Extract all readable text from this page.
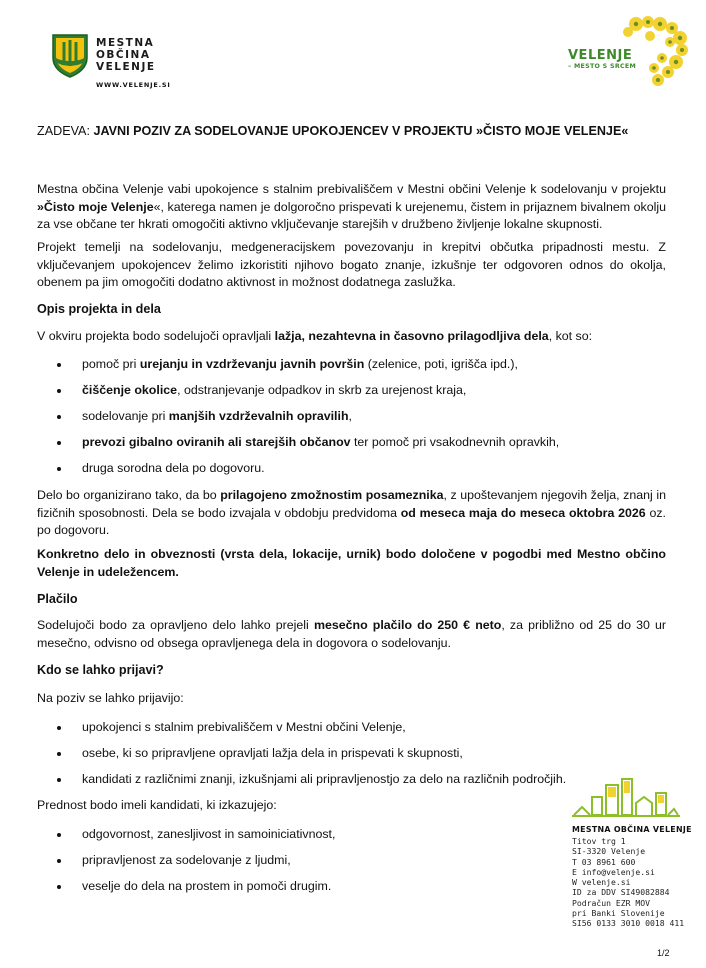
MESTNA
OBČINA
VELENJE
WWW.VELENJE.SI
VELENJE
– MESTO S SRCEM
ZADEVA: JAVNI POZIV ZA SODELOVANJE UPOKOJENCEV V PROJEKTU »ČISTO MOJE VELENJE«

Mestna občina Velenje vabi upokojence s stalnim prebivališčem v Mestni občini Velenje k sodelovanju v projektu »Čisto moje Velenje«, katerega namen je dolgoročno prispevati k urejenemu, čistem in prijaznem bivalnem okolju za vse občane ter hkrati omogočiti aktivno vključevanje starejših v družbeno življenje lokalne skupnosti.

Projekt temelji na sodelovanju, medgeneracijskem povezovanju in krepitvi občutka pripadnosti mestu. Z vključevanjem upokojencev želimo izkoristiti njihovo bogato znanje, izkušnje ter odgovoren odnos do okolja, obenem pa jim omogočiti dodatno aktivnost in možnost dodatnega zaslužka.

Opis projekta in dela

V okviru projekta bodo sodelujoči opravljali lažja, nezahtevna in časovno prilagodljiva dela, kot so:

pomoč pri urejanju in vzdrževanju javnih površin (zelenice, poti, igrišča ipd.),
čiščenje okolice, odstranjevanje odpadkov in skrb za urejenost kraja,
sodelovanje pri manjših vzdrževalnih opravilih,
prevozi gibalno oviranih ali starejših občanov ter pomoč pri vsakodnevnih opravkih,
druga sorodna dela po dogovoru.

Delo bo organizirano tako, da bo prilagojeno zmožnostim posameznika, z upoštevanjem njegovih želja, znanj in fizičnih sposobnosti. Dela se bodo izvajala v obdobju predvidoma od meseca maja do meseca oktobra 2026 oz. po dogovoru.

Konkretno delo in obveznosti (vrsta dela, lokacije, urnik) bodo določene v pogodbi med Mestno občino Velenje in udeležencem.

Plačilo

Sodelujoči bodo za opravljeno delo lahko prejeli mesečno plačilo do 250 € neto, za približno od 25 do 30 ur mesečno, odvisno od obsega opravljenega dela in dogovora o sodelovanju.

Kdo se lahko prijavi?

Na poziv se lahko prijavijo:

upokojenci s stalnim prebivališčem v Mestni občini Velenje,
osebe, ki so pripravljene opravljati lažja dela in prispevati k skupnosti,
kandidati z različnimi znanji, izkušnjami ali pripravljenostjo za delo na različnih področjih.

Prednost bodo imeli kandidati, ki izkazujejo:

odgovornost, zanesljivost in samoiniciativnost,
pripravljenost za sodelovanje z ljudmi,
veselje do dela na prostem in pomoči drugim.
MESTNA OBČINA VELENJE
Titov trg 1
SI-3320 Velenje
T 03 8961 600
E info@velenje.si
W velenje.si
ID za DDV SI49082884
Podračun EZR MOV
pri Banki Slovenije
SI56 0133 3010 0018 411
1/2
